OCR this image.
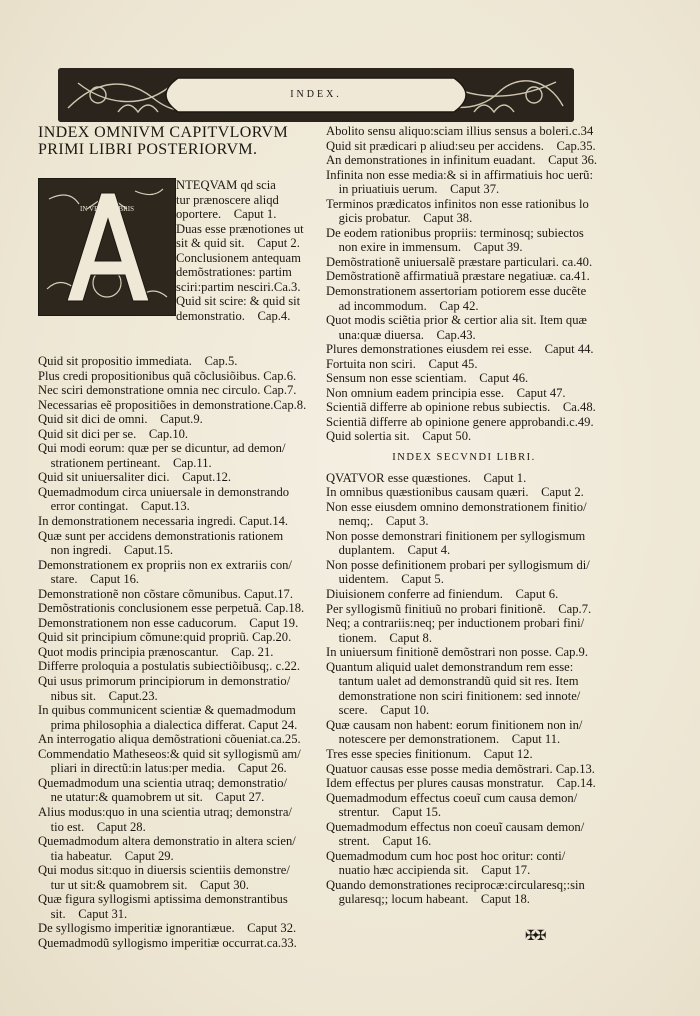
INDEX.
INDEX OMNIVM CAPITVLORVM
PRIMI LIBRI POSTERIORVM.
IN VENERE BRIS
NTEQVAM qd scia
tur prænoscere aliqd
oportere. Caput 1.
Duas esse prænotiones ut
sit & quid sit. Caput 2.
Conclusionem antequam
demõstrationes: partim
sciri:partim nesciri.Ca.3.
Quid sit scire: & quid sit
demonstratio. Cap.4.
Quid sit propositio immediata. Cap.5.
Plus credi propositionibus quã cõclusiõibus. Cap.6.
Nec sciri demonstratione omnia nec circulo. Cap.7.
Necessarias eẽ propositiões in demonstratione.Cap.8.
Quid sit dici de omni. Caput.9.
Quid sit dici per se. Cap.10.
Qui modi eorum: quæ per se dicuntur, ad demon/
 strationem pertineant. Cap.11.
Quid sit uniuersaliter dici. Caput.12.
Quemadmodum circa uniuersale in demonstrando
 error contingat. Caput.13.
In demonstrationem necessaria ingredi. Caput.14.
Quæ sunt per accidens demonstrationis rationem
 non ingredi. Caput.15.
Demonstrationem ex propriis non ex extrariis con/
 stare. Caput 16.
Demonstrationẽ non cõstare cõmunibus. Caput.17.
Demõstrationis conclusionem esse perpetuã. Cap.18.
Demonstrationem non esse caducorum. Caput 19.
Quid sit principium cõmune:quid propriũ. Cap.20.
Quot modis principia prænoscantur. Cap. 21.
Differre proloquia a postulatis subiectiõibusq;. c.22.
Qui usus primorum principiorum in demonstratio/
 nibus sit. Caput.23.
In quibus communicent scientiæ & quemadmodum
 prima philosophia a dialectica differat. Caput 24.
An interrogatio aliqua demõstrationi cõueniat.ca.25.
Commendatio Matheseos:& quid sit syllogismũ am/
 pliari in directũ:in latus:per media. Caput 26.
Quemadmodum una scientia utraq; demonstratio/
 ne utatur:& quamobrem ut sit. Caput 27.
Alius modus:quo in una scientia utraq; demonstra/
 tio est. Caput 28.
Quemadmodum altera demonstratio in altera scien/
 tia habeatur. Caput 29.
Qui modus sit:quo in diuersis scientiis demonstre/
 tur ut sit:& quamobrem sit. Caput 30.
Quæ figura syllogismi aptissima demonstrantibus
 sit. Caput 31.
De syllogismo imperitiæ ignorantiæue. Caput 32.
Quemadmodũ syllogismo imperitiæ occurrat.ca.33.
Abolito sensu aliquo:sciam illius sensus a boleri.c.34
Quid sit prædicari p aliud:seu per accidens. Cap.35.
An demonstrationes in infinitum euadant. Caput 36.
Infinita non esse media:& si in affirmatiuis hoc uerũ:
 in priuatiuis uerum. Caput 37.
Terminos prædicatos infinitos non esse rationibus lo
 gicis probatur. Caput 38.
De eodem rationibus propriis: terminosq; subiectos
 non exire in immensum. Caput 39.
Demõstrationẽ uniuersalẽ præstare particulari. ca.40.
Demõstrationẽ affirmatiuã præstare negatiuæ. ca.41.
Demonstrationem assertoriam potiorem esse ducẽte
 ad incommodum. Cap 42.
Quot modis sciẽtia prior & certior alia sit. Item quæ
 una:quæ diuersa. Cap.43.
Plures demonstrationes eiusdem rei esse. Caput 44.
Fortuita non sciri. Caput 45.
Sensum non esse scientiam. Caput 46.
Non omnium eadem principia esse. Caput 47.
Scientiã differre ab opinione rebus subiectis. Ca.48.
Scientiã differre ab opinione genere approbandi.c.49.
Quid solertia sit. Caput 50.
INDEX SECVNDI LIBRI.
QVATVOR esse quæstiones. Caput 1.
In omnibus quæstionibus causam quæri. Caput 2.
Non esse eiusdem omnino demonstrationem finitio/
 nemq;. Caput 3.
Non posse demonstrari finitionem per syllogismum
 duplantem. Caput 4.
Non posse definitionem probari per syllogismum di/
 uidentem. Caput 5.
Diuisionem conferre ad finiendum. Caput 6.
Per syllogismũ finitiuũ no probari finitionẽ. Cap.7.
Neq; a contrariis:neq; per inductionem probari fini/
 tionem. Caput 8.
In uniuersum finitionẽ demõstrari non posse. Cap.9.
Quantum aliquid ualet demonstrandum rem esse:
 tantum ualet ad demonstrandũ quid sit res. Item
 demonstratione non sciri finitionem: sed innote/
 scere. Caput 10.
Quæ causam non habent: eorum finitionem non in/
 notescere per demonstrationem. Caput 11.
Tres esse species finitionum. Caput 12.
Quatuor causas esse posse media demõstrari. Cap.13.
Idem effectus per plures causas monstratur. Cap.14.
Quemadmodum effectus coeuĩ cum causa demon/
 strentur. Caput 15.
Quemadmodum effectus non coeuĩ causam demon/
 strent. Caput 16.
Quemadmodum cum hoc post hoc oritur: conti/
 nuatio hæc accipienda sit. Caput 17.
Quando demonstrationes reciprocæ:circularesq;:sin
 gularesq;; locum habeant. Caput 18.
✠✠
